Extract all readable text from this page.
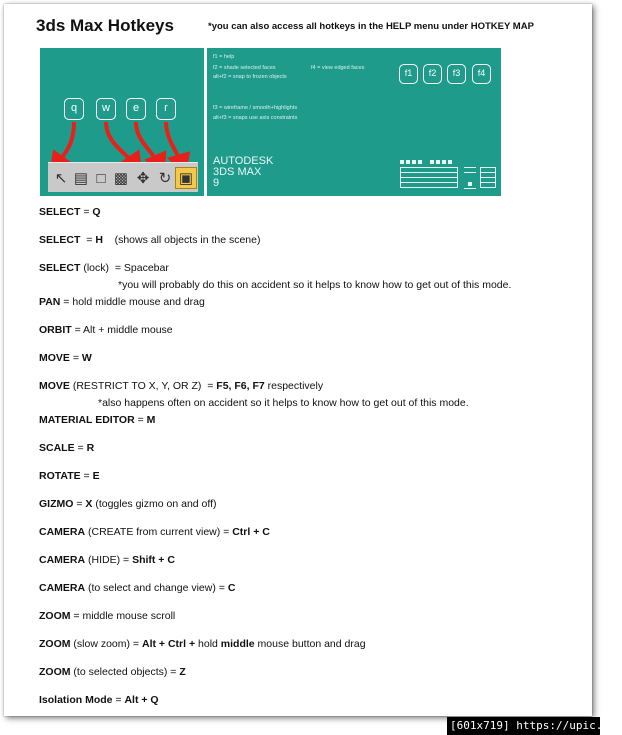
3ds Max Hotkeys	*you can also access all hotkeys in the HELP menu under HOTKEY MAP
q	w	e	r
↖ ▤ □ ▩ ✥ ↻ ▣
f1 = help
f2 = shade selected faces	f4 = view edged faces
alt+f2 = snap to frozen objects
f3 = wireframe / smooth+highlights
alt+f3 = snaps use axis constraints
f1	f2	f3	f4
AUTODESK
3DS MAX
9
SELECT = Q
SELECT  = H    (shows all objects in the scene)
SELECT (lock)  = Spacebar
*you will probably do this on accident so it helps to know how to get out of this mode.
PAN = hold middle mouse and drag
ORBIT = Alt + middle mouse
MOVE = W
MOVE (RESTRICT TO X, Y, OR Z)  = F5, F6, F7 respectively
*also happens often on accident so it helps to know how to get out of this mode.
MATERIAL EDITOR = M
SCALE = R
ROTATE = E
GIZMO = X (toggles gizmo on and off)
CAMERA (CREATE from current view) = Ctrl + C
CAMERA (HIDE) = Shift + C
CAMERA (to select and change view) = C
ZOOM = middle mouse scroll
ZOOM (slow zoom) = Alt + Ctrl + hold middle mouse button and drag
ZOOM (to selected objects) = Z
Isolation Mode = Alt + Q
[601x719] https://upic.me/
